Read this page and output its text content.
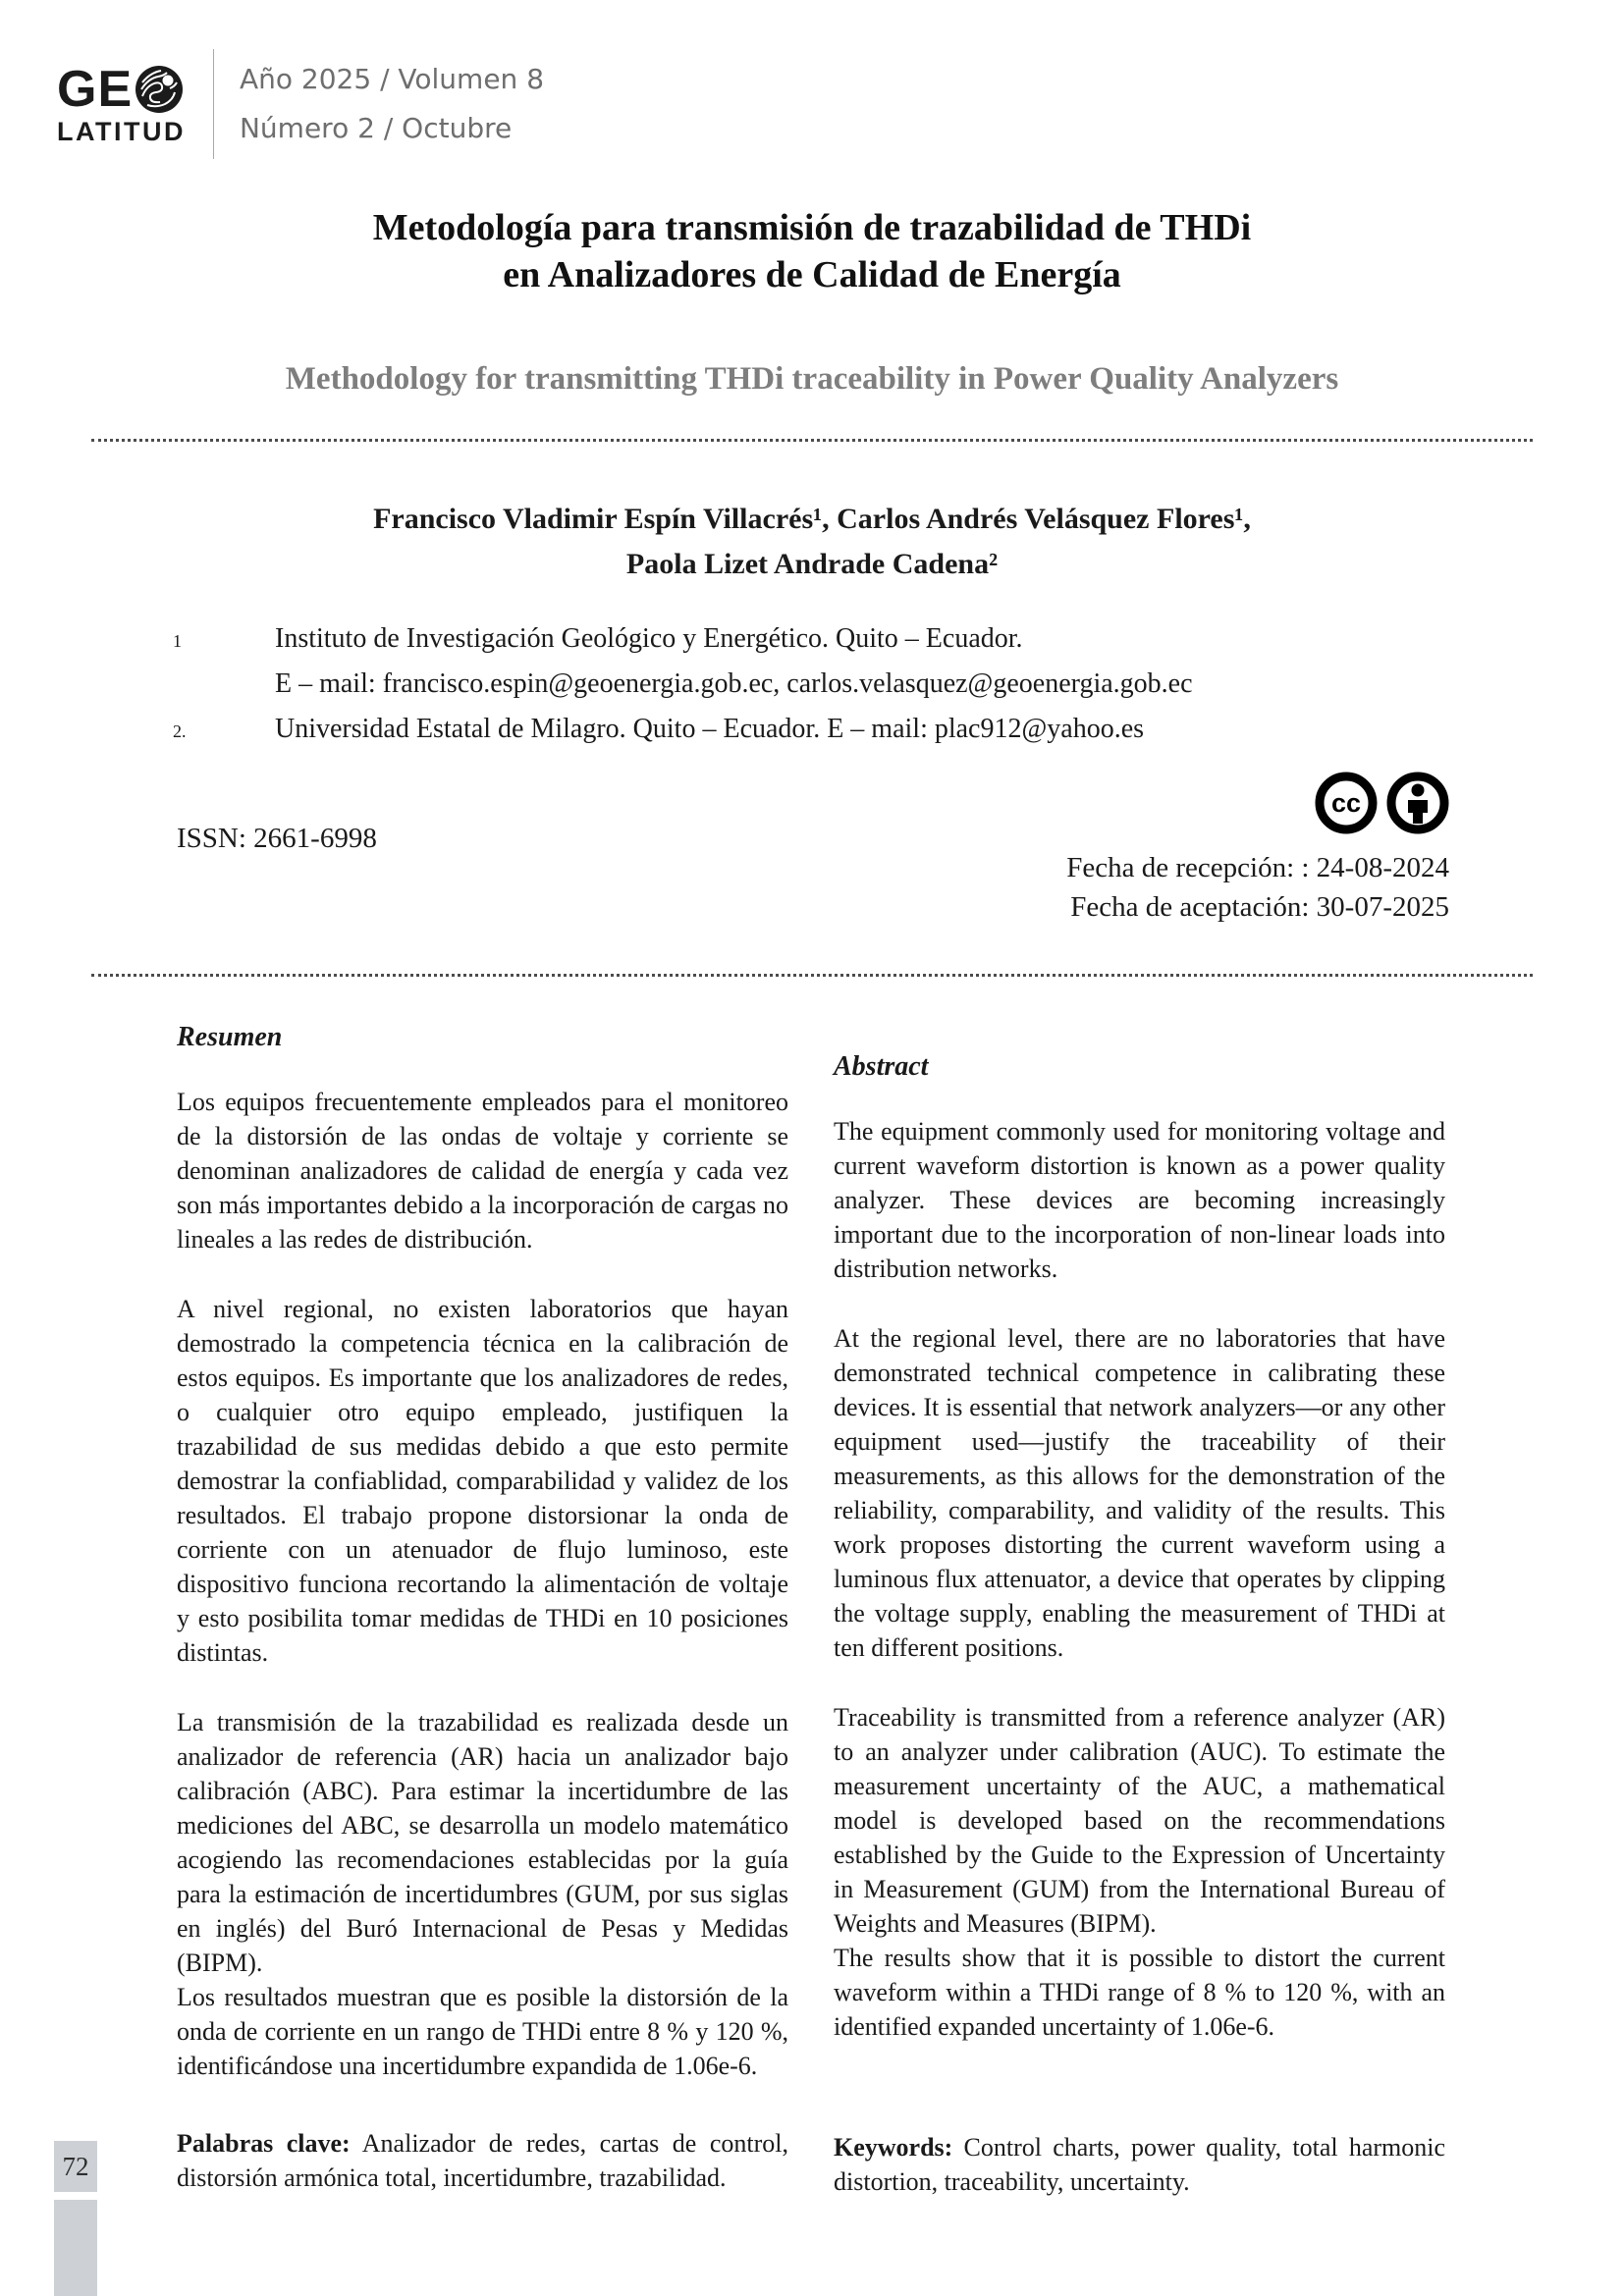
GE
LATITUD
Año 2025 / Volumen 8
Número 2 / Octubre
Metodología para transmisión de trazabilidad de THDi
en Analizadores de Calidad de Energía
Methodology for transmitting THDi traceability in Power Quality Analyzers
Francisco Vladimir Espín Villacrés¹, Carlos Andrés Velásquez Flores¹,
Paola Lizet Andrade Cadena²
1	Instituto de Investigación Geológico y Energético. Quito – Ecuador.
E – mail: francisco.espin@geoenergia.gob.ec, carlos.velasquez@geoenergia.gob.ec
2.	Universidad Estatal de Milagro. Quito – Ecuador. E – mail: plac912@yahoo.es
ISSN: 2661-6998
cc
Fecha de recepción: : 24-08-2024
Fecha de aceptación: 30-07-2025
Resumen

Los equipos frecuentemente empleados para el monitoreo de la distorsión de las ondas de voltaje y corriente se denominan analizadores de calidad de energía y cada vez son más importantes debido a la incorporación de cargas no lineales a las redes de distribución.

A nivel regional, no existen laboratorios que hayan demostrado la competencia técnica en la calibración de estos equipos. Es importante que los analizadores de redes, o cualquier otro equipo empleado, justifiquen la trazabilidad de sus medidas debido a que esto permite demostrar la confiablidad, comparabilidad y validez de los resultados. El trabajo propone distorsionar la onda de corriente con un atenuador de flujo luminoso, este dispositivo funciona recortando la alimentación de voltaje y esto posibilita tomar medidas de THDi en 10 posiciones distintas.

La transmisión de la trazabilidad es realizada desde un analizador de referencia (AR) hacia un analizador bajo calibración (ABC). Para estimar la incertidumbre de las mediciones del ABC, se desarrolla un modelo matemático acogiendo las recomendaciones establecidas por la guía para la estimación de incertidumbres (GUM, por sus siglas en inglés) del Buró Internacional de Pesas y Medidas (BIPM).

Los resultados muestran que es posible la distorsión de la onda de corriente en un rango de THDi entre 8 % y 120 %, identificándose una incertidumbre expandida de 1.06e-6.

Palabras clave: Analizador de redes, cartas de control, distorsión armónica total, incertidumbre, trazabilidad.
Abstract

The equipment commonly used for monitoring voltage and current waveform distortion is known as a power quality analyzer. These devices are becoming increasingly important due to the incorporation of non-linear loads into distribution networks.

At the regional level, there are no laboratories that have demonstrated technical competence in calibrating these devices. It is essential that network analyzers—or any other equipment used—justify the traceability of their measurements, as this allows for the demonstration of the reliability, comparability, and validity of the results. This work proposes distorting the current waveform using a luminous flux attenuator, a device that operates by clipping the voltage supply, enabling the measurement of THDi at ten different positions.

Traceability is transmitted from a reference analyzer (AR) to an analyzer under calibration (AUC). To estimate the measurement uncertainty of the AUC, a mathematical model is developed based on the recommendations established by the Guide to the Expression of Uncertainty in Measurement (GUM) from the International Bureau of Weights and Measures (BIPM).

The results show that it is possible to distort the current waveform within a THDi range of 8 % to 120 %, with an identified expanded uncertainty of 1.06e-6.

Keywords: Control charts, power quality, total harmonic distortion, traceability, uncertainty.
72
